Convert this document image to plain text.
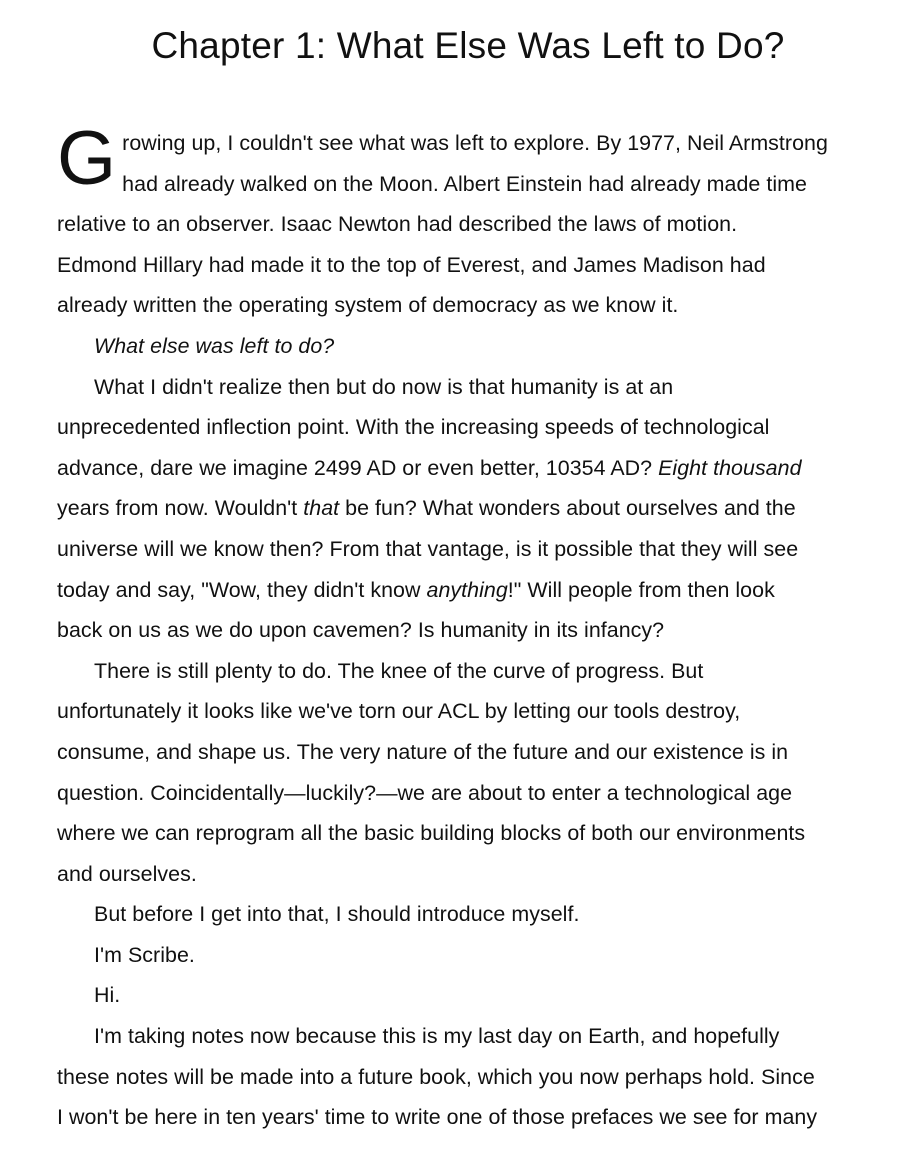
Chapter 1: What Else Was Left to Do?

G rowing up, I couldn't see what was left to explore. By 1977, Neil Armstrong
had already walked on the Moon. Albert Einstein had already made time
relative to an observer. Isaac Newton had described the laws of motion.
Edmond Hillary had made it to the top of Everest, and James Madison had
already written the operating system of democracy as we know it.

What else was left to do?

What I didn't realize then but do now is that humanity is at an
unprecedented inflection point. With the increasing speeds of technological
advance, dare we imagine 2499 AD or even better, 10354 AD? Eight thousand
years from now. Wouldn't that be fun? What wonders about ourselves and the
universe will we know then? From that vantage, is it possible that they will see
today and say, "Wow, they didn't know anything!" Will people from then look
back on us as we do upon cavemen? Is humanity in its infancy?

There is still plenty to do. The knee of the curve of progress. But
unfortunately it looks like we've torn our ACL by letting our tools destroy,
consume, and shape us. The very nature of the future and our existence is in
question. Coincidentally—luckily?—we are about to enter a technological age
where we can reprogram all the basic building blocks of both our environments
and ourselves.

But before I get into that, I should introduce myself.

I'm Scribe.

Hi.

I'm taking notes now because this is my last day on Earth, and hopefully
these notes will be made into a future book, which you now perhaps hold. Since
I won't be here in ten years' time to write one of those prefaces we see for many
